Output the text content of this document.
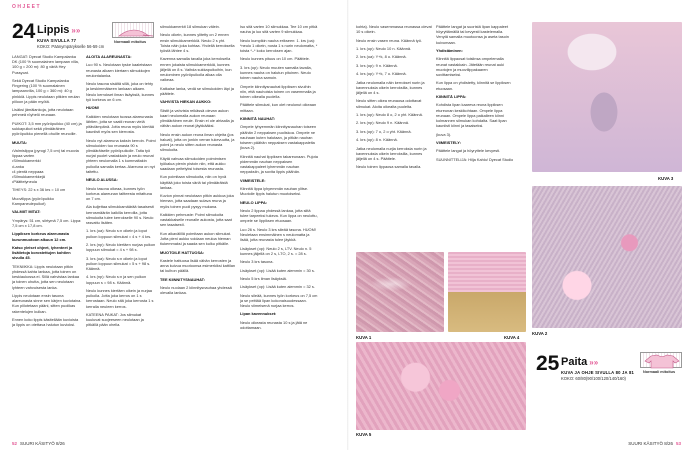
OHJEET
24 Lippis »»
KUVA SIVULLA 77
KOKO: Päänympärykselle 56-59 cm
Normaali mitoitus

LANGAT: Dyecat Studio Kampalanka DK (100 % suomalainen lampaan villa, 100 g = 200 m): 80 g väriä Hey Pussycat.

Sekä Dyecat Studio Kampalanka Fingering (100 % suomalainen lampaanvilla, 100 g = 360 m): 40 g pinkkiä. Lippis neulotaan pitkien neulan piiloon ja pään myötä.

Lisäksi jämälankoja, jotta neulotaan pehmeä röyhelö reunaan.

PUIKOT: 3,5 mm pyöröpuikko (40 cm) ja sukkapuikot sekä ylimääräinen pyöröpuikko pienellä ohuille reunoille.

MUUTA:

• Valmislippa (pyrogi 7,5 cm) tai muovia lippaa varten
• Silmukkamerkki
• Lanka
• 4 pientä neppaaa
• Silmukkamerkkejä
• Päättelyneula

TIHEYS: 22 s x 36 krs = 10 cm

Muovilippa (pyöröpuikko Kampaneulepuikot)

VALMIIT MITAT:

Ympärys: 51 cm, siirtymä 7,5 cm. Lippa: 7,5 cm x 17,8 cm.

Lippiksen korkeus alareunasta kurunmuotoon alkuun 12 cm.

Katso yleiset ohjeet, lyhenteet ja lisätietoja korostettujen kohtien sivulla 45.

TEKNIIKKA: Lippis neulotaan pitkin yhdessä kahta lankaa, jotta toinen on keskiaukossa ei. Sillä vahvistaa lankaa ja toinen uhutta, jotta sen neulotaan lyhteen vahvuisesta lanka.

Lippis neulotaan ensin tasona alareunasta sinne sen kärjen kuviotaina. Kun piilotetaan pääni, sitten puolikas rakentelujen kulkan.

Ennen koko lippis käsitellään kuvioista ja lippis on otettava halutun kuvioksi.

ALOITA ALAREUNASTA:

Luo 90 s. Neulotaan tyske kaaleistaan reunasta alkaen kiertaen silmukkojen neulontalanka.

Neulo tasona sisältä sillä, joka on tehty ja keskimmäiseen lankaan alkaen. Neulo kerrokset ilman lisäyksiä, kunnes työ korkeus on 6 cm.

HUOM!

Kaikkien neulotaan tuossa alareunasta lähtien, jotta se vaatii reunan vielä pitäviämpänä. Jotta reuna myös kiertää kauniisti myös sen kierrosta.

Neulo nyt alareuna kaksin kerroin. Poimi silmukoiden tuo reunasta 90 s ylimääräiselle pyöröpuikolle. Taita työ nurjat puolet vastakkain ja neulo reunat yhteen neulomalla 1 s kummaltakin puikolla samalla kertaa. Alareuna on nyt taitettu.

NEULO ALUSSA:

Neulo tasona oikeaa, kunnes työn korkeus alareunan taitteesta mitattuna on 7 cm.

Ala kuljettaa silmukkamäärää tasaisesti kerrosmäärän kaikilla kerroilla, jotta silmukoita tulee kerrokselle 90 s. Neulo rasvattu lisäten.

1. krs (oa): Neulo s:n oikein ja loput puikon loppuun silmukat = 4 s + 4 krs.

2. krs (np): Neulo kiertäen nurjaa puikon loppuun silmukat = 4 s + 98 s.

3. krs (oa): Neulo s:n oikein ja loput puikon loppuun silmukat = 5 s + 98 s. Käännä.

4. krs (np): Neulo s:n ja sen puikon loppuun s = 98 s. Käännä.

Neulo kunnes kiertäen oikein ja nurjaa puikolla. Jotta joka kerros on 1 s kerrostaan. Neulo sitä joka kerrosta 1 s kerralla neuleen kerros.

KATEENA PAIKAT: Jos silmukat kuuluvat suojeeseen neulotaan ja pitkällä pään ohella.

silmukkamerkit 18 silmukan välein.

Neulo oikein, kunnes ylitetty on 2 ennen ensin silmukkamerkkiä. Neulo 2 s yht. Toista näin joka kohtaa. Yhdellä kerroksella työstä lähtee 4 s.

Kavenna samalla tavalla joka kerroksella ennen jokaista silmukkamerkkiä, kunnes jäljellä on 8 s. Vaihda sukkapuikoihin, kun neulominen pyöröpuikolla alkaa olla vaikeaa.

Katkaise lanka, vedä se silmukoiden läpi ja päättele.

VAHVISTA HIEKAN AUKKO:

Siistit ja vahvista reikässä olevan aukon kaari neulomalla aukon reunaan ylimääräinen neule. Ensin ei ole ahtaalla ja vähän aukon reunat jäykkääksi.

Neulo ensin aukon reuna ilman ohjeita (jos haluat), jotta on jonkin verran tukevuutta, ja poimi ja neulo sitten aukon reunasta silmukoita.

Käytä vahvaa silmukoiden poimimisen työkalua pienin pistoin niin, että aukko saadaan peitetyksi toisesta reunasta.

Kun poimitaan silmukoita, niin on hyvä käyttää joko toista väriä tai ylimääräistä lankaa.

Kuvion pinnat neulotaan pitkin aukkoa joka hieman, jotta saadaan sulava reuna ja myös toinen puoli pysyy mukana.

Kaikkien pehmuste: Poimi silmukoita vastakkaiselle reunalle aukosta, jotta saat sen tasaisesti.

Kun aikavälillä poimitaan aukon silmukat. Jotta pieni aukko voidaan neuloa hieman tiukemmaksi ja saada sen kulku pitkälle.

MUOTOILE HATTUOSA:

Kastele hattuosa lisää vähän kerrosten ja anna kuivua muotoonsa esimerkiksi kattilan tai kulhon päällä.

TEE KIINNITYSNAUHAT:

Neulo nuolaan 2 kiinnitysnauhaa yhdessä olevalla lankaa.

Iso sitä varten 10 silmukkaa. Tee 10 cm pitkä nauha ja luo sitä varten 9 silmukkaa.

Neulo kumpikin nauha erikseen: 1. krs (oa): *neulo 1 oikein, nosta 1 s nurin neulomatta, * toista *–* koko kerroksen ajan.

Neulo kunnes pituus on 10 cm. Päättele.

3. krs (op): Neulo muuten samalla tavalla, kunnes nauha on halutun pituinen. Neulo toinen nauha samoin.

Ompele kiinnitysnauhat lippiksen sivuihin niin, että nauhoista toinen on vasemmalla ja toinen oikealla puolella.

Päättele silmukat, kun olet neulonut oikeaan mittaan.

KIINNITÄ NAUHAT:

Ompele lyhyemmän kiinnitysnauhan toiseen päähän 2 neppaksen puoliskoa. Ompele ne nauhaan kuten halutaan, ja pitkän nauhan toiseen päähän neppaksen vastakappaleita (kuva 2).

Kiinnitä nauhat lippiksen takareunaan. Pujota pidemmän nauhan neppaksen vastakappaleet lyhemmän nauhan neppaksiin, ja sovita lippis päähän.

VIIMEISTELE:

Kiinnitä lippa lyhyemmän nauhan ylitse. Muotoile lippis halutun muotoiseksi.

NEULO LIPPA:

Neulo 2 lippaa yhdessä lankaa, jotta siitä tulee tarpeeksi tukeva. Kun lippa on neulottu, ompele se lippiksen etuosaan.

Luo 26 s. Neulo 3 krs sileää tasona. HUOM! Neuletaan ensimmäinen s neulomatta ja lisää, jotta reunasta tulee jäykkä.

Lisäykset (op): Neulo 2 s, LTV. Neulo n. 5 kunnes jäljellä on 2 s, LTO, 2 s. = 28 s.

Neulo 3 krs tasona.

Lisäykset (op): Lisää kuten aiemmin = 30 s.

Neulo 5 krs ilman lisäyksiä.

Lisäykset (op): Lisää kuten aiemmin = 32 s.

Neulo sileää, kunnes työn korkeus on 7,5 cm ja se peittää lipan kokonaisuudessaan. Neulo viimeisenä nurjaa kerros.

Lipan kavennukset:

Neulo oikeasta reunasta 10 s ja jätä ne odottamaan.

52 SUURI KÄSITYÖ 8/26

kohta). Neulo vasemmassa reunassa olevat 10 s oikein.

Neulo ensin vasen reuna. Käännä työ.

1. krs (op): Neulo 10 n. Käännä.

2. krs (oa): Y+k, 8 o. Käännä.

3. krs (op): 9 n. Käännä.

4. krs (op): Y+k, 7 o. Käännä.

Jatka neulomalla näin kerrokset nurin ja kavennuksia oikein kerroksilla, kunnes jäljellä on 4 s.

Neulo sitten oikea reunaosa odottavat silmukat. Aloita oikealta puolelta.

1. krs (op): Neulo 8 o, 2 o yht. Käännä.

2. krs (np): Neulo 9 n. Käännä.

3. krs (op): 7 o, 2 o yht. Käännä.

4. krs (op): 8 n. Käännä.

Jatka neulomalla nurjia kerroksia nurin ja kavennuksia oikein kerroksilla, kunnes jäljellä on 4 s. Päättele.

Neulo toinen lippaosa samalla tavalla.

Päättele langat ja suoristä lipan kappaleet höyryttämällä tai kevyesti kastelemalla. Venytä samalla muotoonsa ja aseta tasoin kuivumaan.

Yhdistäminen:

Kiinnitä lippaosat toisiinsa ompelemalla reunat vastakkain. Jätetään reunat auki muotojen ja muovilippakaaren sovittamiseksi.

Kun lippa on yhdistetty, kiinnitä se lippiksen etuosaan.

KIINNITÄ LIPPA:

Kohdista lipan kaareva reuna lippiksen etureunan keskikohtaan. Ompele lippa reunaan. Ompele lippa paikalleen kiinni kolmannen silmukan kohdalta. Saat lipan kauniisti kiinni ja tasaiseksi.

(kuva 3).

VIIMEISTELY:

Päättele langat ja höyryttele kevyesti.

SUUNNITTELIJA: Hilja Kahlo/ Dyecat Studio

KUVA 3
KUVA 1	KUVA 4
KUVA 2
KUVA 5
25 Paita »»
KUVA JA OHJE SIVULLA 80 JA 81
KOKO: 60/80(90/100/120/140/160)
Normaali mitoitus
SUURI KÄSITYÖ 8/26 53
